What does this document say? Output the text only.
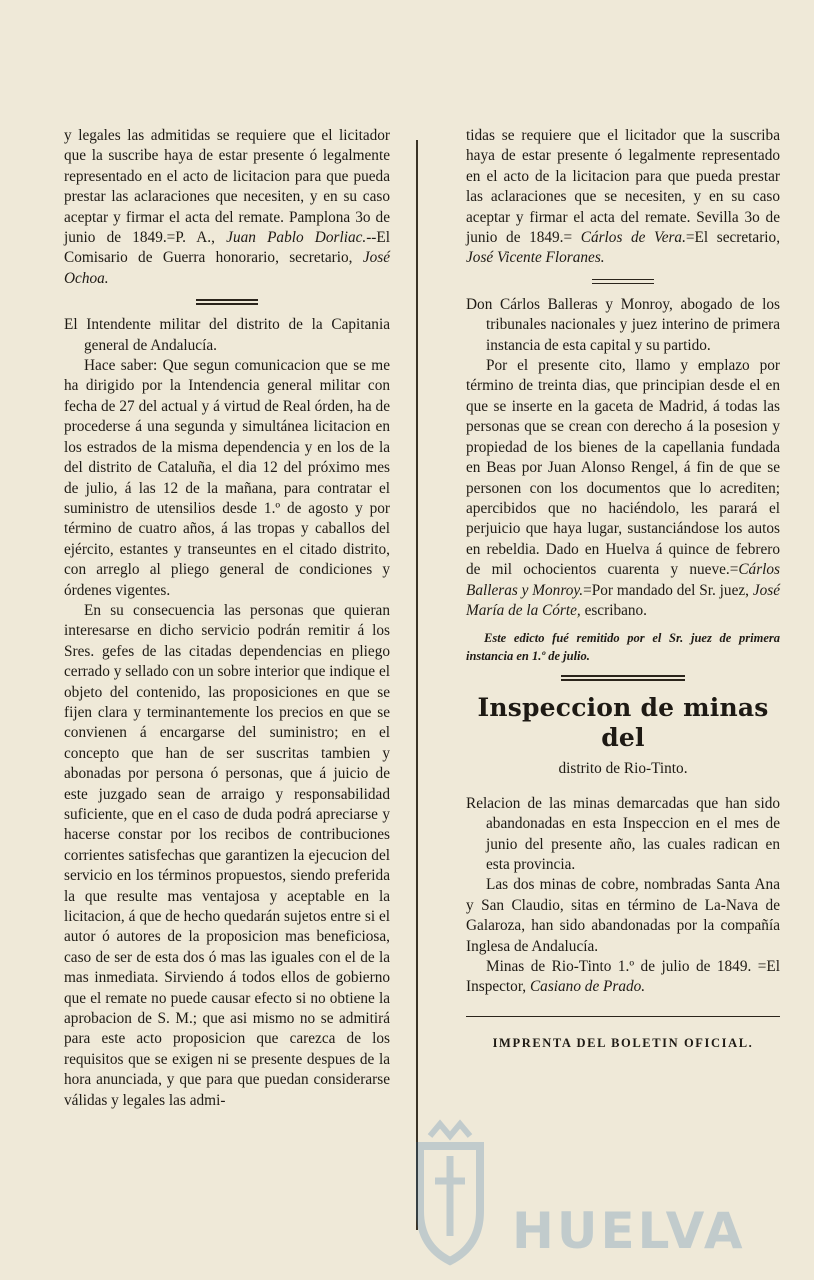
y legales las admitidas se requiere que el licitador que la suscribe haya de estar presente ó legalmente representado en el acto de licitacion para que pueda prestar las aclaraciones que necesiten, y en su caso aceptar y firmar el acta del remate. Pamplona 3o de junio de 1849.=P. A., Juan Pablo Dorliac.--El Comisario de Guerra honorario, secretario, José Ochoa.

El Intendente militar del distrito de la Capitania general de Andalucía.

Hace saber: Que segun comunicacion que se me ha dirigido por la Intendencia general militar con fecha de 27 del actual y á virtud de Real órden, ha de procederse á una segunda y simultánea licitacion en los estrados de la misma dependencia y en los de la del distrito de Cataluña, el dia 12 del próximo mes de julio, á las 12 de la mañana, para contratar el suministro de utensilios desde 1.º de agosto y por término de cuatro años, á las tropas y caballos del ejército, estantes y transeuntes en el citado distrito, con arreglo al pliego general de condiciones y órdenes vigentes.

En su consecuencia las personas que quieran interesarse en dicho servicio podrán remitir á los Sres. gefes de las citadas dependencias en pliego cerrado y sellado con un sobre interior que indique el objeto del contenido, las proposiciones en que se fijen clara y terminantemente los precios en que se convienen á encargarse del suministro; en el concepto que han de ser suscritas tambien y abonadas por persona ó personas, que á juicio de este juzgado sean de arraigo y responsabilidad suficiente, que en el caso de duda podrá apreciarse y hacerse constar por los recibos de contribuciones corrientes satisfechas que garantizen la ejecucion del servicio en los términos propuestos, siendo preferida la que resulte mas ventajosa y aceptable en la licitacion, á que de hecho quedarán sujetos entre si el autor ó autores de la proposicion mas beneficiosa, caso de ser de esta dos ó mas las iguales con el de la mas inmediata. Sirviendo á todos ellos de gobierno que el remate no puede causar efecto si no obtiene la aprobacion de S. M.; que asi mismo no se admitirá para este acto proposicion que carezca de los requisitos que se exigen ni se presente despues de la hora anunciada, y que para que puedan considerarse válidas y legales las admi-

tidas se requiere que el licitador que la suscriba haya de estar presente ó legalmente representado en el acto de la licitacion para que pueda prestar las aclaraciones que se necesiten, y en su caso aceptar y firmar el acta del remate. Sevilla 3o de junio de 1849.= Cárlos de Vera.=El secretario, José Vicente Floranes.

Don Cárlos Balleras y Monroy, abogado de los tribunales nacionales y juez interino de primera instancia de esta capital y su partido.

Por el presente cito, llamo y emplazo por término de treinta dias, que principian desde el en que se inserte en la gaceta de Madrid, á todas las personas que se crean con derecho á la posesion y propiedad de los bienes de la capellania fundada en Beas por Juan Alonso Rengel, á fin de que se personen con los documentos que lo acrediten; apercibidos que no haciéndolo, les parará el perjuicio que haya lugar, sustanciándose los autos en rebeldia. Dado en Huelva á quince de febrero de mil ochocientos cuarenta y nueve.=Cárlos Balleras y Monroy.=Por mandado del Sr. juez, José María de la Córte, escribano.

Este edicto fué remitido por el Sr. juez de primera instancia en 1.º de julio.

Inspeccion de minas del
distrito de Rio-Tinto.

Relacion de las minas demarcadas que han sido abandonadas en esta Inspeccion en el mes de junio del presente año, las cuales radican en esta provincia.

Las dos minas de cobre, nombradas Santa Ana y San Claudio, sitas en término de La-Nava de Galaroza, han sido abandonadas por la compañía Inglesa de Andalucía.

Minas de Rio-Tinto 1.º de julio de 1849. =El Inspector, Casiano de Prado.

IMPRENTA DEL BOLETIN OFICIAL.
HUELVA
